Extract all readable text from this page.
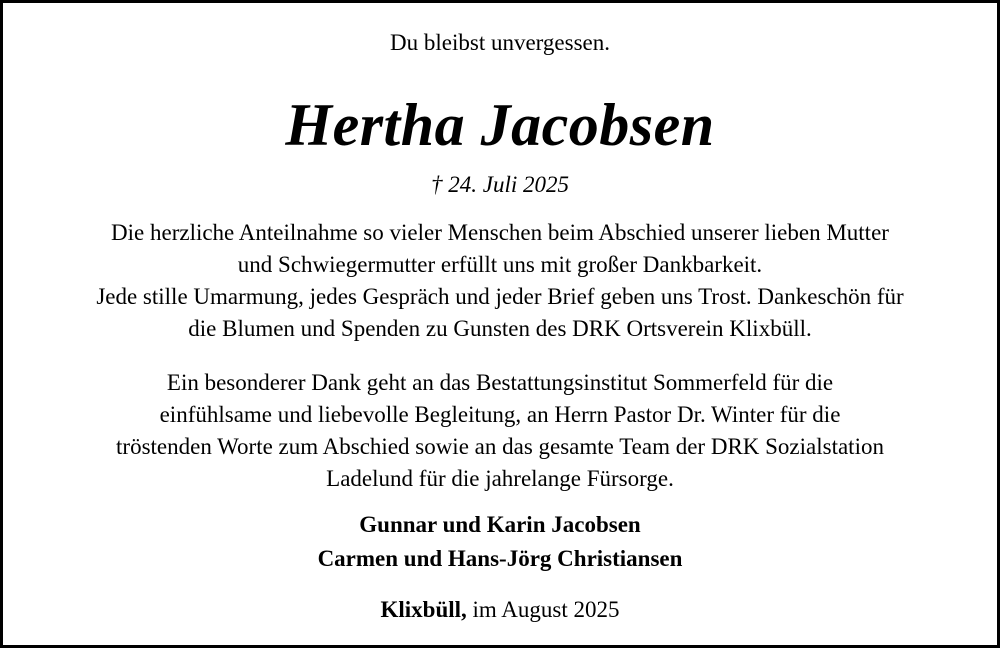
Du bleibst unvergessen.
Hertha Jacobsen
† 24. Juli 2025
Die herzliche Anteilnahme so vieler Menschen beim Abschied unserer lieben Mutter
und Schwiegermutter erfüllt uns mit großer Dankbarkeit.
Jede stille Umarmung, jedes Gespräch und jeder Brief geben uns Trost. Dankeschön für
die Blumen und Spenden zu Gunsten des DRK Ortsverein Klixbüll.
Ein besonderer Dank geht an das Bestattungsinstitut Sommerfeld für die
einfühlsame und liebevolle Begleitung, an Herrn Pastor Dr. Winter für die
tröstenden Worte zum Abschied sowie an das gesamte Team der DRK Sozialstation
Ladelund für die jahrelange Fürsorge.
Gunnar und Karin Jacobsen
Carmen und Hans-Jörg Christiansen
Klixbüll, im August 2025
